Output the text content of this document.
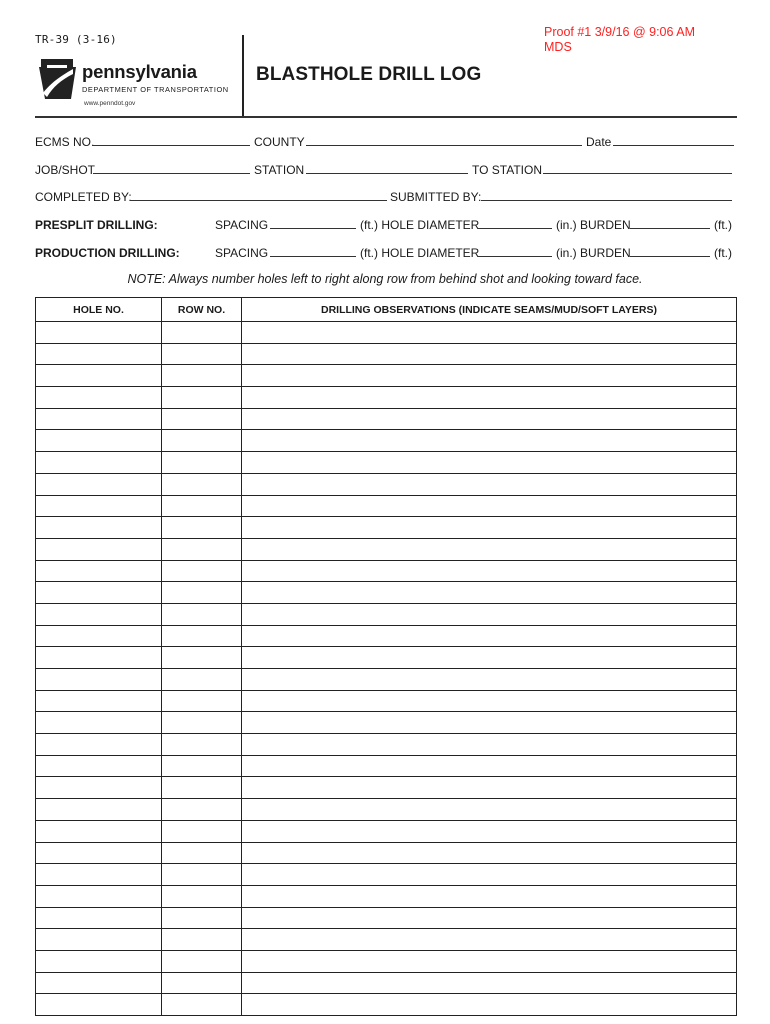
TR-39 (3-16)
Proof #1 3/9/16 @ 9:06 AM
MDS
pennsylvania
DEPARTMENT OF TRANSPORTATION
www.penndot.gov
BLASTHOLE DRILL LOG
ECMS NO.	COUNTY	Date
JOB/SHOT	STATION	TO STATION
COMPLETED BY:	SUBMITTED BY:
PRESPLIT DRILLING:	SPACING	(ft.) HOLE DIAMETER	(in.) BURDEN	(ft.)
PRODUCTION DRILLING:	SPACING	(ft.) HOLE DIAMETER	(in.) BURDEN	(ft.)
NOTE: Always number holes left to right along row from behind shot and looking toward face.
HOLE NO.	ROW NO.	DRILLING OBSERVATIONS (INDICATE SEAMS/MUD/SOFT LAYERS)
